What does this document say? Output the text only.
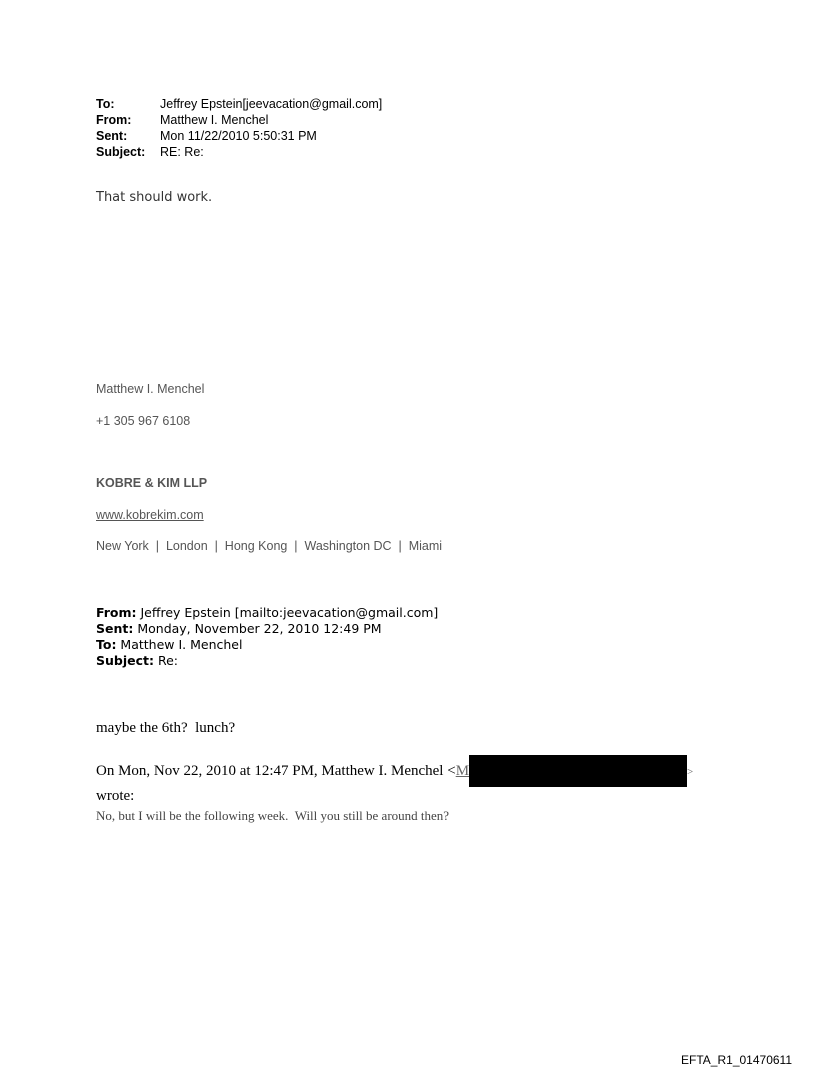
To:	Jeffrey Epstein[jeevacation@gmail.com]
From:	Matthew I. Menchel
Sent:	Mon 11/22/2010 5:50:31 PM
Subject:	RE: Re:
That should work.
Matthew I. Menchel
+1 305 967 6108
KOBRE & KIM LLP
www.kobrekim.com
New York  |  London  |  Hong Kong  |  Washington DC  |  Miami
From: Jeffrey Epstein [mailto:jeevacation@gmail.com]
Sent: Monday, November 22, 2010 12:49 PM
To: Matthew I. Menchel
Subject: Re:
maybe the 6th?  lunch?
On Mon, Nov 22, 2010 at 12:47 PM, Matthew I. Menchel <M	>
wrote:
No, but I will be the following week.  Will you still be around then?
EFTA_R1_01470611
